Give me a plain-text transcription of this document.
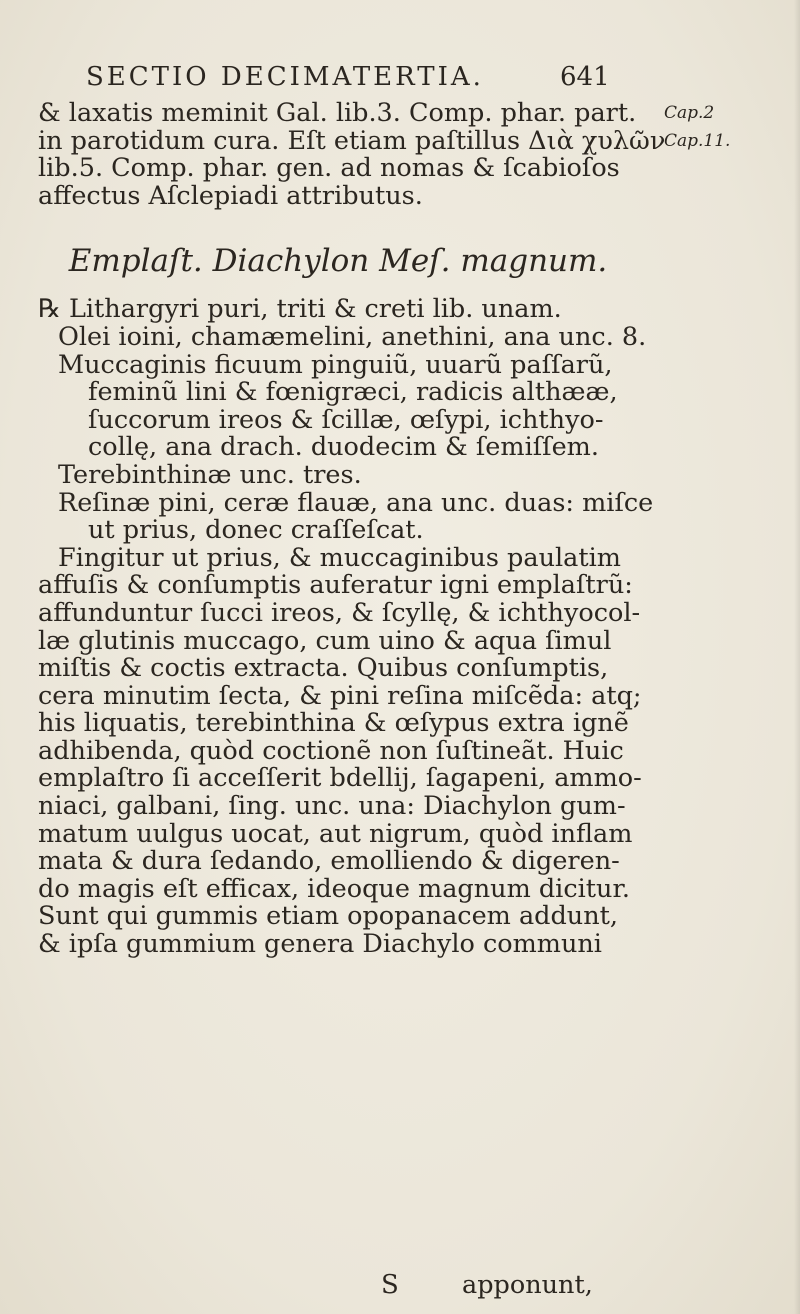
SECTIO DECIMATERTIA.	641
Cap.2
Cap.11.
& laxatis meminit Gal. lib.3. Comp. phar. part.
in parotidum cura. Eſt etiam paſtillus Διὰ χυλῶν
lib.5. Comp. phar. gen. ad nomas & ſcabioſos
affectus Aſclepiadi attributus.
Emplaſt. Diachylon Meſ. magnum.
℞ Lithargyri puri, triti & creti lib. unam.
Olei ioini, chamæmelini, anethini, ana unc. 8.
Muccaginis ficuum pinguiũ, uuarũ paſſarũ,
feminũ lini & fœnigræci, radicis althææ,
ſuccorum ireos & ſcillæ, œſypi, ichthyo-
collę, ana drach. duodecim & ſemiſſem.
Terebinthinæ unc. tres.
Reſinæ pini, ceræ flauæ, ana unc. duas: miſce
ut prius, donec craſſeſcat.
Fingitur ut prius, & muccaginibus paulatim
affuſis & conſumptis auferatur igni emplaſtrũ:
affunduntur ſucci ireos, & ſcyllę, & ichthyocol-
læ glutinis muccago, cum uino & aqua ſimul
miſtis & coctis extracta. Quibus conſumptis,
cera minutim ſecta, & pini reſina miſcẽda: atq;
his liquatis, terebinthina & œſypus extra ignẽ
adhibenda, quòd coctionẽ non ſuſtineãt. Huic
emplaſtro ſi acceſſerit bdellij, ſagapeni, ammo-
niaci, galbani, ſing. unc. una: Diachylon gum-
matum uulgus uocat, aut nigrum, quòd inflam
mata & dura ſedando, emolliendo & digeren-
do magis eſt efficax, ideoque magnum dicitur.
Sunt qui gummis etiam opopanacem addunt,
& ipſa gummium genera Diachylo communi
S apponunt,
